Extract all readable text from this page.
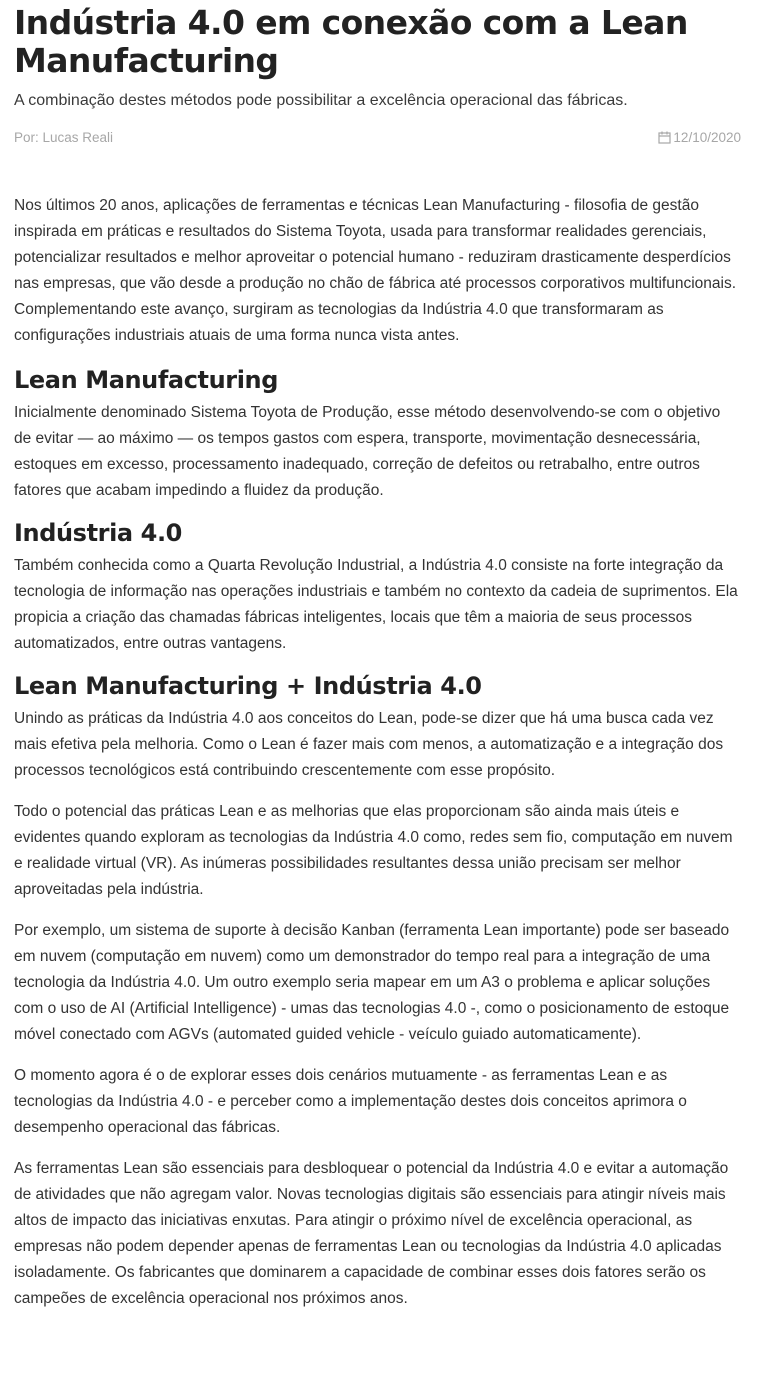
Indústria 4.0 em conexão com a Lean Manufacturing

A combinação destes métodos pode possibilitar a excelência operacional das fábricas.

Por: Lucas Reali	12/10/2020

Nos últimos 20 anos, aplicações de ferramentas e técnicas Lean Manufacturing - filosofia de gestão inspirada em práticas e resultados do Sistema Toyota, usada para transformar realidades gerenciais, potencializar resultados e melhor aproveitar o potencial humano - reduziram drasticamente desperdícios nas empresas, que vão desde a produção no chão de fábrica até processos corporativos multifuncionais. Complementando este avanço, surgiram as tecnologias da Indústria 4.0 que transformaram as configurações industriais atuais de uma forma nunca vista antes.

Lean Manufacturing

Inicialmente denominado Sistema Toyota de Produção, esse método desenvolvendo-se com o objetivo de evitar — ao máximo — os tempos gastos com espera, transporte, movimentação desnecessária, estoques em excesso, processamento inadequado, correção de defeitos ou retrabalho, entre outros fatores que acabam impedindo a fluidez da produção.

Indústria 4.0

Também conhecida como a Quarta Revolução Industrial, a Indústria 4.0 consiste na forte integração da tecnologia de informação nas operações industriais e também no contexto da cadeia de suprimentos. Ela propicia a criação das chamadas fábricas inteligentes, locais que têm a maioria de seus processos automatizados, entre outras vantagens.

Lean Manufacturing + Indústria 4.0

Unindo as práticas da Indústria 4.0 aos conceitos do Lean, pode-se dizer que há uma busca cada vez mais efetiva pela melhoria. Como o Lean é fazer mais com menos, a automatização e a integração dos processos tecnológicos está contribuindo crescentemente com esse propósito.

Todo o potencial das práticas Lean e as melhorias que elas proporcionam são ainda mais úteis e evidentes quando exploram as tecnologias da Indústria 4.0 como, redes sem fio, computação em nuvem e realidade virtual (VR). As inúmeras possibilidades resultantes dessa união precisam ser melhor aproveitadas pela indústria.

Por exemplo, um sistema de suporte à decisão Kanban (ferramenta Lean importante) pode ser baseado em nuvem (computação em nuvem) como um demonstrador do tempo real para a integração de uma tecnologia da Indústria 4.0. Um outro exemplo seria mapear em um A3 o problema e aplicar soluções com o uso de AI (Artificial Intelligence) - umas das tecnologias 4.0 -, como o posicionamento de estoque móvel conectado com AGVs (automated guided vehicle - veículo guiado automaticamente).

O momento agora é o de explorar esses dois cenários mutuamente - as ferramentas Lean e as tecnologias da Indústria 4.0 - e perceber como a implementação destes dois conceitos aprimora o desempenho operacional das fábricas.

As ferramentas Lean são essenciais para desbloquear o potencial da Indústria 4.0 e evitar a automação de atividades que não agregam valor. Novas tecnologias digitais são essenciais para atingir níveis mais altos de impacto das iniciativas enxutas. Para atingir o próximo nível de excelência operacional, as empresas não podem depender apenas de ferramentas Lean ou tecnologias da Indústria 4.0 aplicadas isoladamente. Os fabricantes que dominarem a capacidade de combinar esses dois fatores serão os campeões de excelência operacional nos próximos anos.
